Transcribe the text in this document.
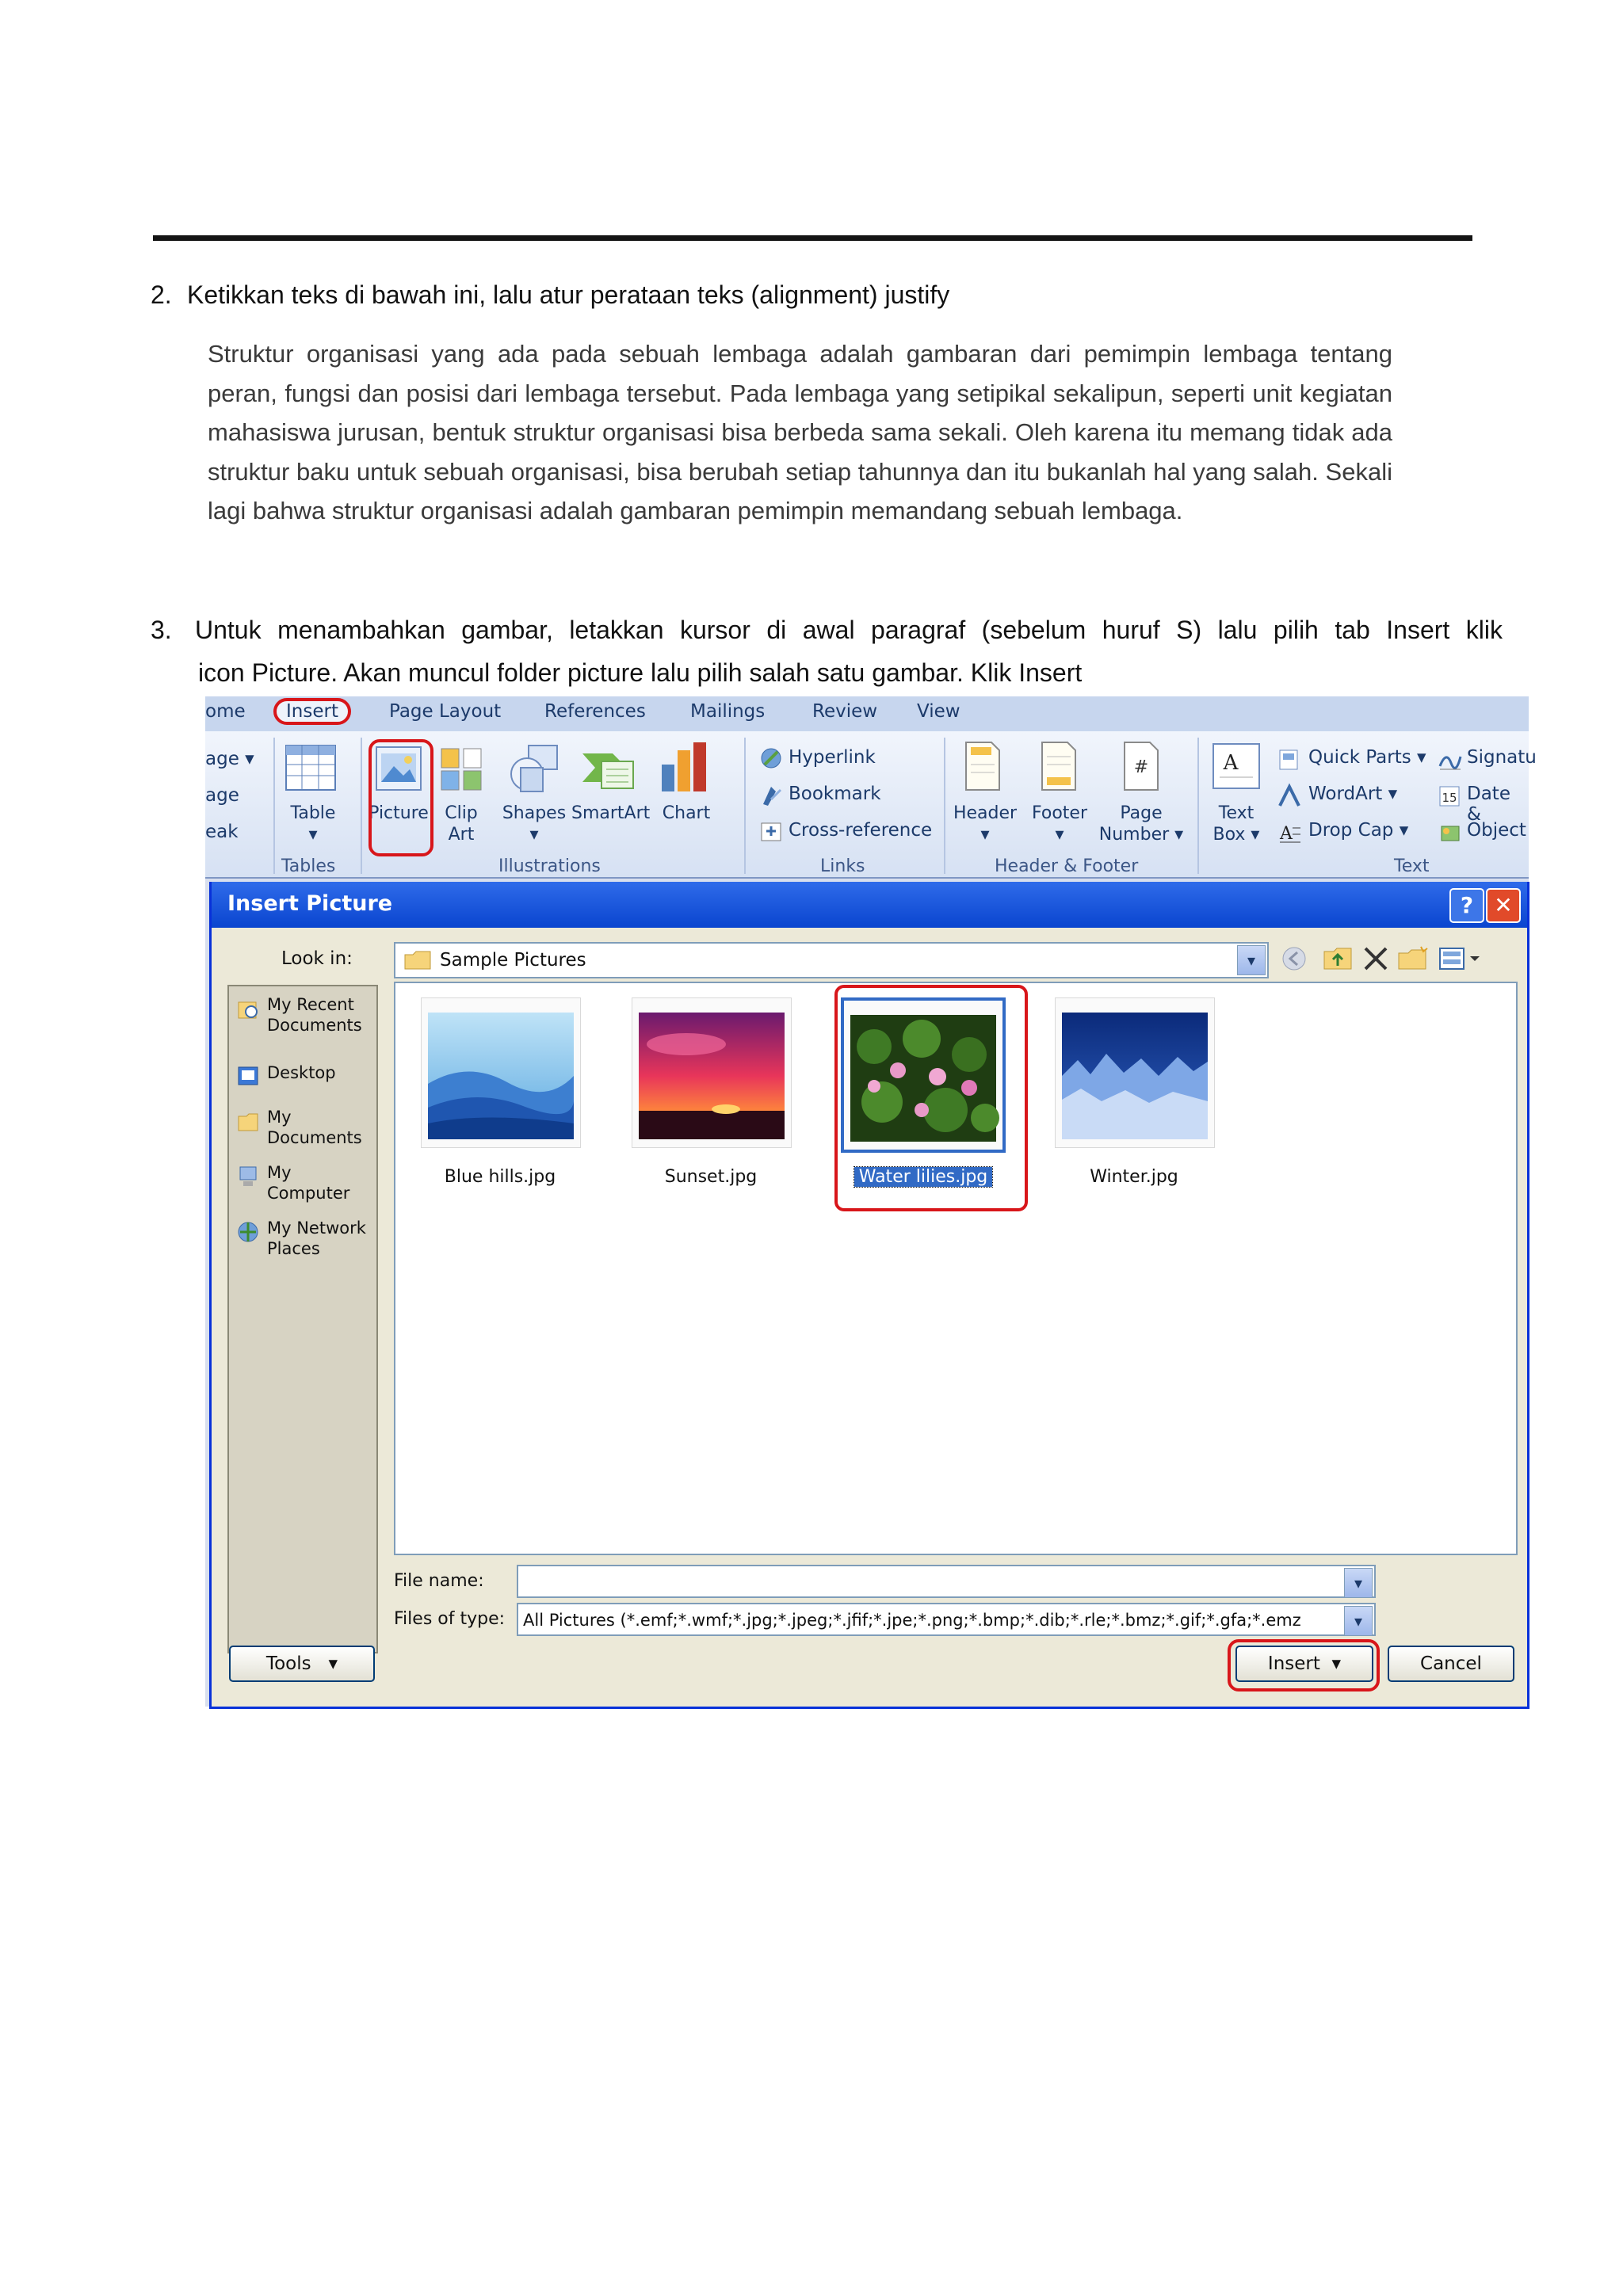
2. Ketikkan teks di bawah ini, lalu atur perataan teks (alignment) justify
Struktur organisasi yang ada pada sebuah lembaga adalah gambaran dari pemimpin lembaga tentang peran, fungsi dan posisi dari lembaga tersebut. Pada lembaga yang setipikal sekalipun, seperti unit kegiatan mahasiswa jurusan, bentuk struktur organisasi bisa berbeda sama sekali. Oleh karena itu memang tidak ada struktur baku untuk sebuah organisasi, bisa berubah setiap tahunnya dan itu bukanlah hal yang salah. Sekali lagi bahwa struktur organisasi adalah gambaran pemimpin memandang sebuah lembaga.
3. Untuk menambahkan gambar, letakkan kursor di awal paragraf (sebelum huruf S) lalu pilih tab Insert klik
icon Picture. Akan muncul folder picture lalu pilih salah satu gambar. Klik Insert
ome	Insert	Page Layout References Mailings	Review View
age ▾
age
eak
Table
▾
Tables
Picture Clip
Art
Shapes
▾
SmartArt Chart
Illustrations
Hyperlink
Bookmark
Cross-reference
Links
#
Header
▾
Footer
▾
Page
Number ▾
Header & Footer
A
Text
Box ▾
Quick Parts ▾
WordArt ▾
A Drop Cap ▾
Signatu
15 Date &
Object
Text
Insert Picture	? ✕
Look in:	Sample Pictures	▾
My Recent
Documents
Desktop
My
Documents
My
Computer
My Network
Places
Blue hills.jpg	Sunset.jpg	Water lilies.jpg	Winter.jpg
File name:	▾
Files of type: All Pictures (*.emf;*.wmf;*.jpg;*.jpeg;*.jfif;*.jpe;*.png;*.bmp;*.dib;*.rle;*.bmz;*.gif;*.gfa;*.emz	▾
Tools   ▾	Insert  ▾	Cancel
